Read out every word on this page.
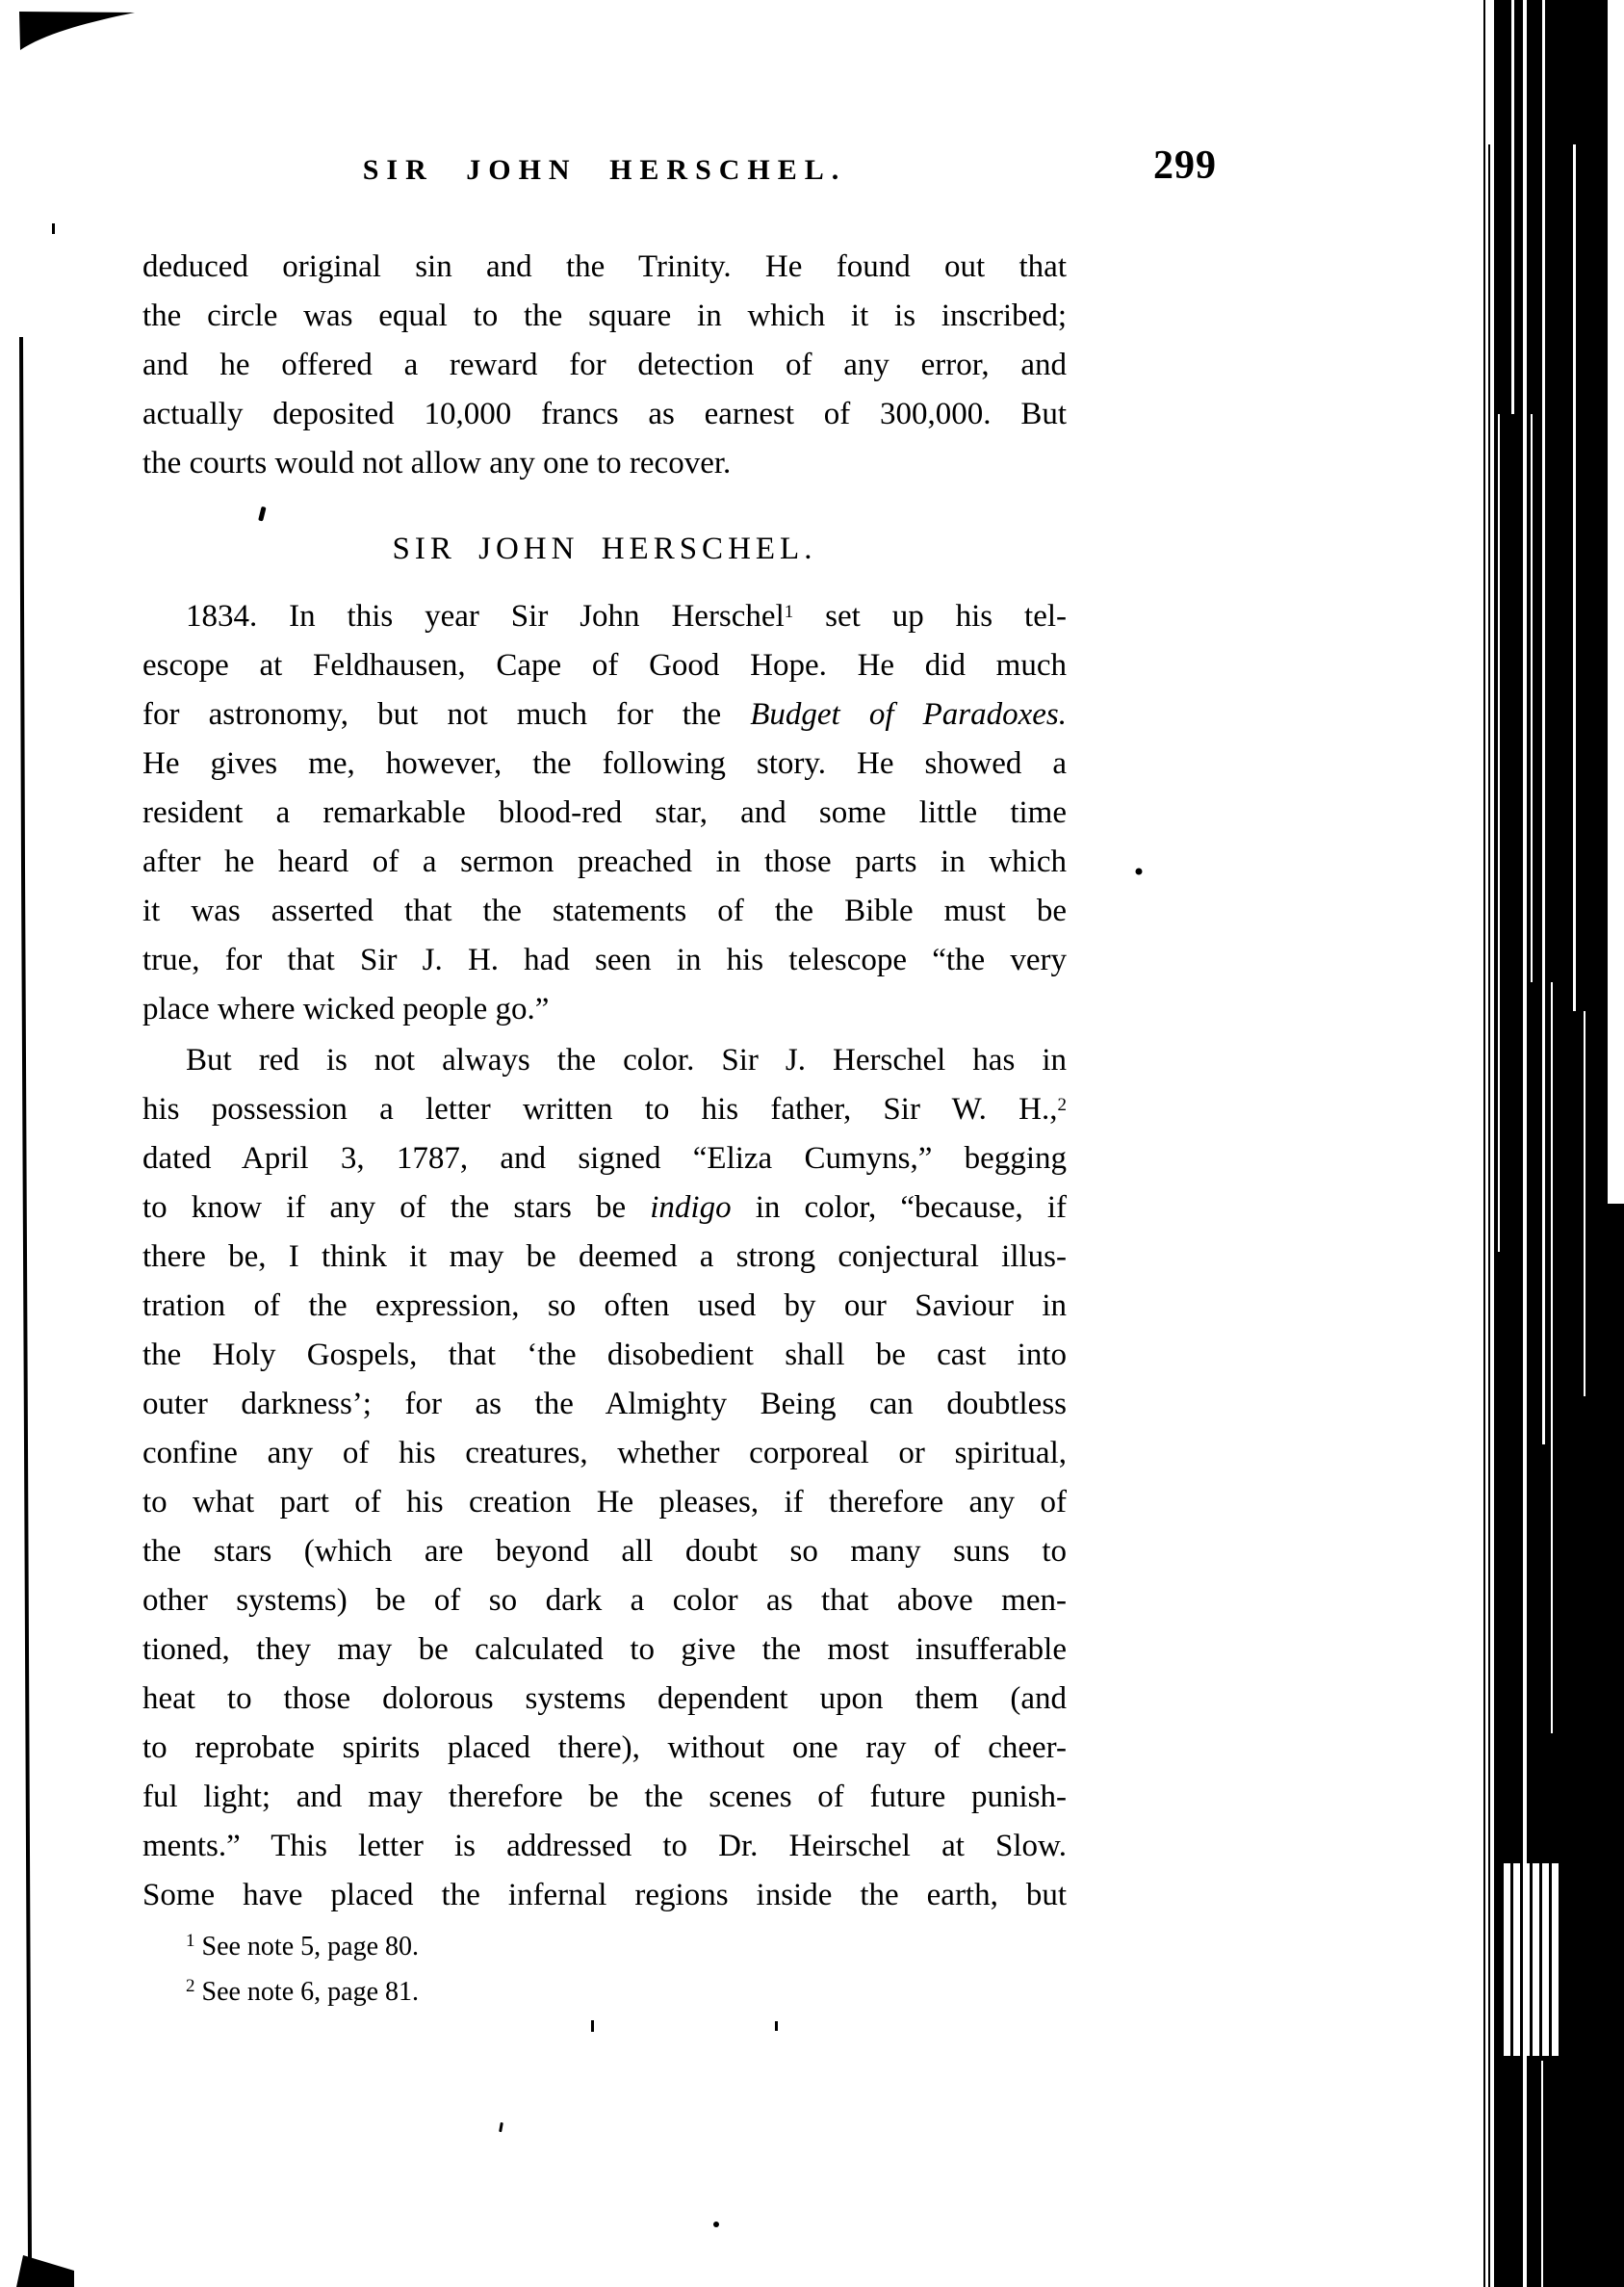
SIR JOHN HERSCHEL.	299
deduced original sin and the Trinity. He found out that
the circle was equal to the square in which it is inscribed;
and he offered a reward for detection of any error, and
actually deposited 10,000 francs as earnest of 300,000. But
the courts would not allow any one to recover.
SIR JOHN HERSCHEL.
1834. In this year Sir John Herschel$^1$ set up his tel-
escope at Feldhausen, Cape of Good Hope. He did much
for astronomy, but not much for the Budget of Paradoxes.
He gives me, however, the following story. He showed a
resident a remarkable blood-red star, and some little time
after he heard of a sermon preached in those parts in which
it was asserted that the statements of the Bible must be
true, for that Sir J. H. had seen in his telescope “the very
place where wicked people go.”
But red is not always the color. Sir J. Herschel has in
his possession a letter written to his father, Sir W. H.,$^2$
dated April 3, 1787, and signed “Eliza Cumyns,” begging
to know if any of the stars be indigo in color, “because, if
there be, I think it may be deemed a strong conjectural illus-
tration of the expression, so often used by our Saviour in
the Holy Gospels, that ‘the disobedient shall be cast into
outer darkness’; for as the Almighty Being can doubtless
confine any of his creatures, whether corporeal or spiritual,
to what part of his creation He pleases, if therefore any of
the stars (which are beyond all doubt so many suns to
other systems) be of so dark a color as that above men-
tioned, they may be calculated to give the most insufferable
heat to those dolorous systems dependent upon them (and
to reprobate spirits placed there), without one ray of cheer-
ful light; and may therefore be the scenes of future punish-
ments.” This letter is addressed to Dr. Heirschel at Slow.
Some have placed the infernal regions inside the earth, but
$^1$ See note 5, page 80.
$^2$ See note 6, page 81.
